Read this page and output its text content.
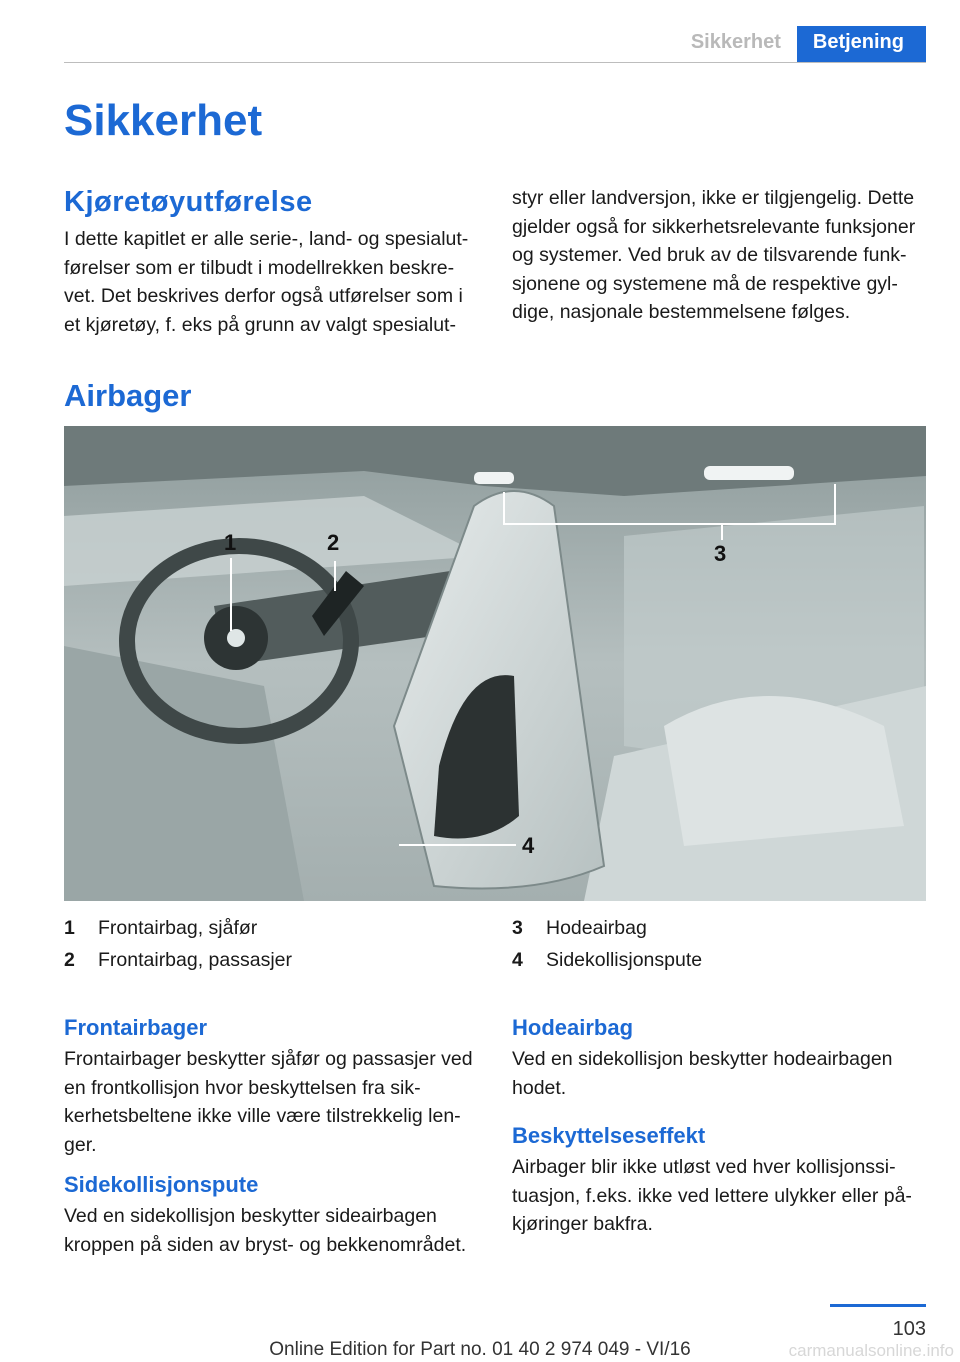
Sikkerhet	Betjening
Sikkerhet
Kjøretøyutførelse

I dette kapitlet er alle serie-, land- og spesialut-førelser som er tilbudt i modellrekken beskre-vet. Det beskrives derfor også utførelser som i et kjøretøy, f. eks på grunn av valgt spesialut-

styr eller landversjon, ikke er tilgjengelig. Dette gjelder også for sikkerhetsrelevante funksjoner og systemer. Ved bruk av de tilsvarende funk-sjonene og systemene må de respektive gyl-dige, nasjonale bestemmelsene følges.

Airbager
1	2	3
4
1	Frontairbag, sjåfør
2	Frontairbag, passasjer
3	Hodeairbag
4	Sidekollisjonspute
Frontairbager

Frontairbager beskytter sjåfør og passasjer ved en frontkollisjon hvor beskyttelsen fra sik-kerhetsbeltene ikke ville være tilstrekkelig len-ger.

Sidekollisjonspute

Ved en sidekollisjon beskytter sideairbagen kroppen på siden av bryst- og bekkenområdet.

Hodeairbag

Ved en sidekollisjon beskytter hodeairbagen hodet.

Beskyttelseseffekt

Airbager blir ikke utløst ved hver kollisjonssi-tuasjon, f.eks. ikke ved lettere ulykker eller på-kjøringer bakfra.

103
Online Edition for Part no. 01 40 2 974 049 - VI/16	carmanualsonline.info
